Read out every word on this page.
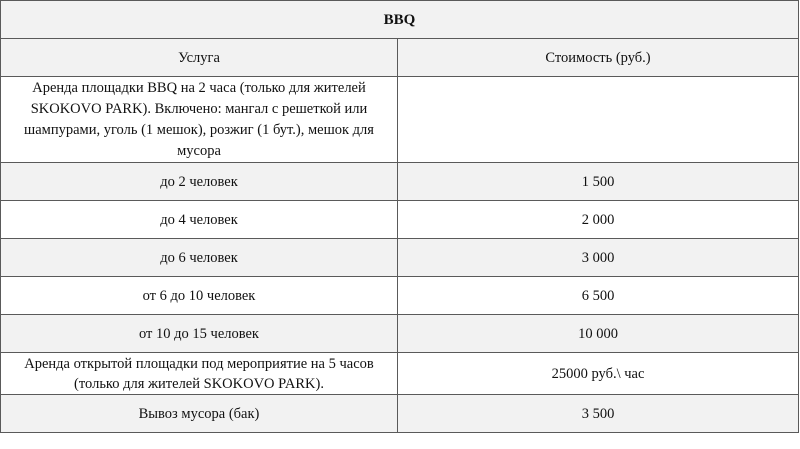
BBQ	
Услуга	Стоимость (руб.)
Аренда площадки BBQ на 2 часа (только для жителей SKOKOVO PARK). Включено: мангал с решеткой или шампурами, уголь (1 мешок), розжиг (1 бут.), мешок для мусора	
до 2 человек	1 500
до 4 человек	2 000
до 6 человек	3 000
от 6 до 10 человек	6 500
от 10 до 15 человек	10 000
Аренда открытой площадки под мероприятие на 5 часов (только для жителей SKOKOVO PARK).	25000 руб.\ час
Вывоз мусора (бак)	3 500
